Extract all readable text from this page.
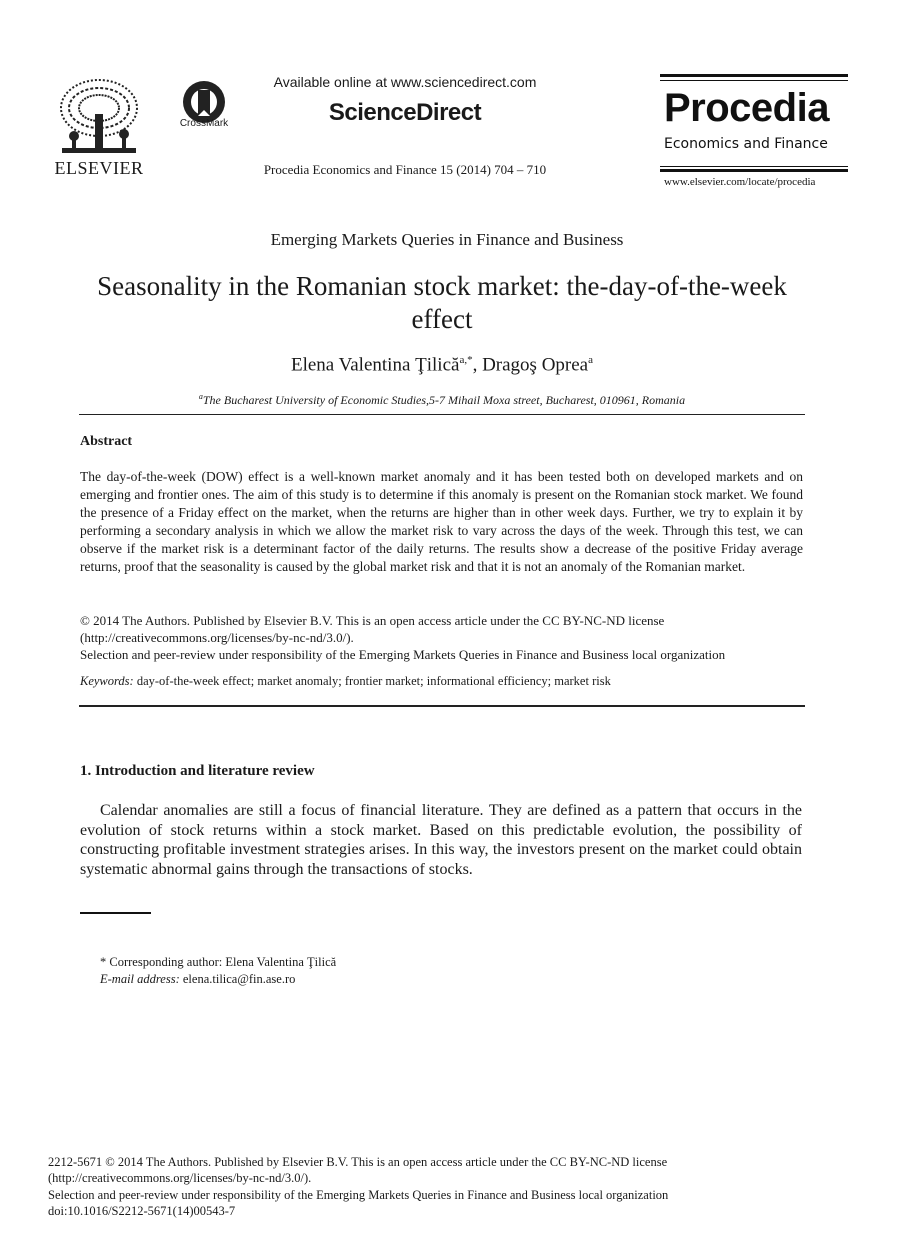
ELSEVIER
CrossMark
Available online at www.sciencedirect.com
ScienceDirect
Procedia Economics and Finance 15 (2014) 704 – 710
Procedia
Economics and Finance
www.elsevier.com/locate/procedia
Emerging Markets Queries in Finance and Business
Seasonality in the Romanian stock market: the-day-of-the-week
effect
Elena Valentina Ţilică$^{a,*}$, Dragoş Oprea$^a$
$^a$The Bucharest University of Economic Studies,5-7 Mihail Moxa street, Bucharest, 010961, Romania
Abstract
The day-of-the-week (DOW) effect is a well-known market anomaly and it has been tested both on developed markets and on emerging and frontier ones. The aim of this study is to determine if this anomaly is present on the Romanian stock market. We found the presence of a Friday effect on the market, when the returns are higher than in other week days. Further, we try to explain it by performing a secondary analysis in which we allow the market risk to vary across the days of the week. Through this test, we can observe if the market risk is a determinant factor of the daily returns. The results show a decrease of the positive Friday average returns, proof that the seasonality is caused by the global market risk and that it is not an anomaly of the Romanian market.
© 2014 The Authors. Published by Elsevier B.V. This is an open access article under the CC BY-NC-ND license
(http://creativecommons.org/licenses/by-nc-nd/3.0/).
Selection and peer-review under responsibility of the Emerging Markets Queries in Finance and Business local organization
Keywords: day-of-the-week effect; market anomaly; frontier market; informational efficiency; market risk
1. Introduction and literature review
Calendar anomalies are still a focus of financial literature. They are defined as a pattern that occurs in the evolution of stock returns within a stock market. Based on this predictable evolution, the possibility of constructing profitable investment strategies arises. In this way, the investors present on the market could obtain systematic abnormal gains through the transactions of stocks.
* Corresponding author: Elena Valentina Ţilică
E-mail address: elena.tilica@fin.ase.ro
2212-5671 © 2014 The Authors. Published by Elsevier B.V. This is an open access article under the CC BY-NC-ND license
(http://creativecommons.org/licenses/by-nc-nd/3.0/).
Selection and peer-review under responsibility of the Emerging Markets Queries in Finance and Business local organization
doi:10.1016/S2212-5671(14)00543-7
